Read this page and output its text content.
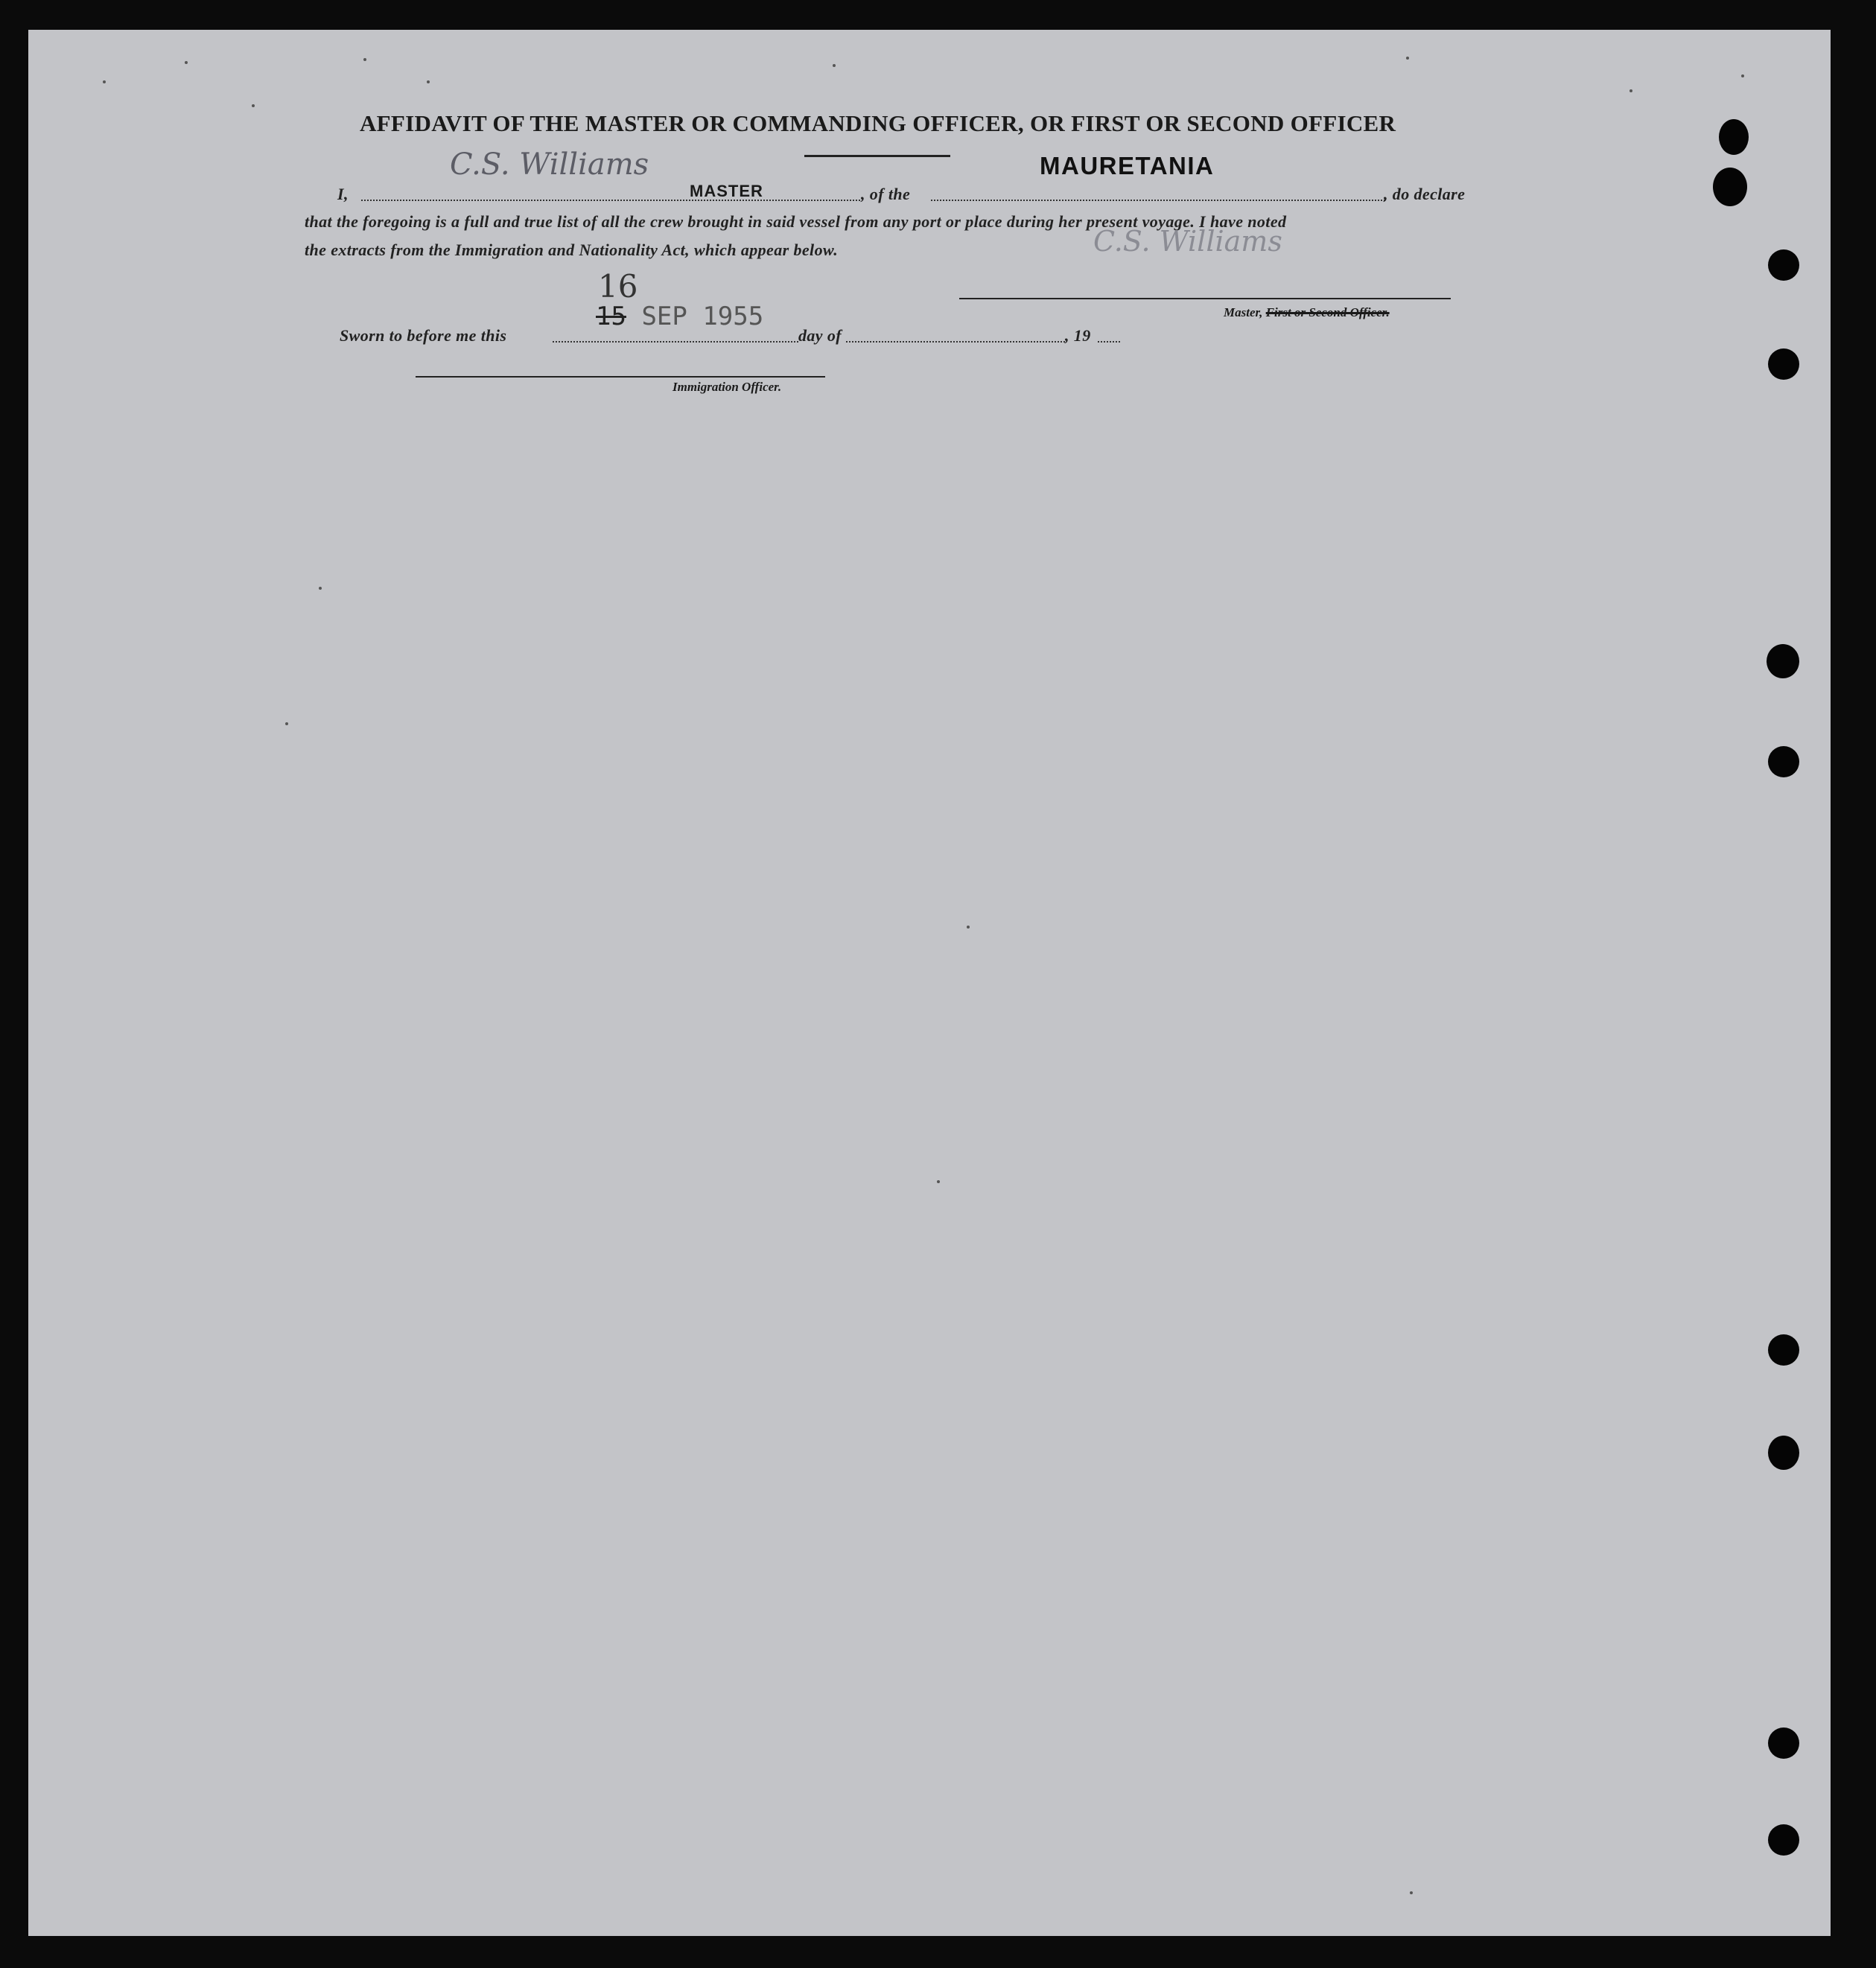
AFFIDAVIT OF THE MASTER OR COMMANDING OFFICER, OR FIRST OR SECOND OFFICER
C.S. Williams	MAURETANIA
I,	MASTER	, of the	, do declare
that the foregoing is a full and true list of all the crew brought in said vessel from any port or place during her present voyage. I have noted
the extracts from the Immigration and Nationality Act, which appear below.	C.S. Williams
Master, First or Second Officer.
16
Sworn to before me this
15 SEP 1955
day of	, 19
Immigration Officer.
